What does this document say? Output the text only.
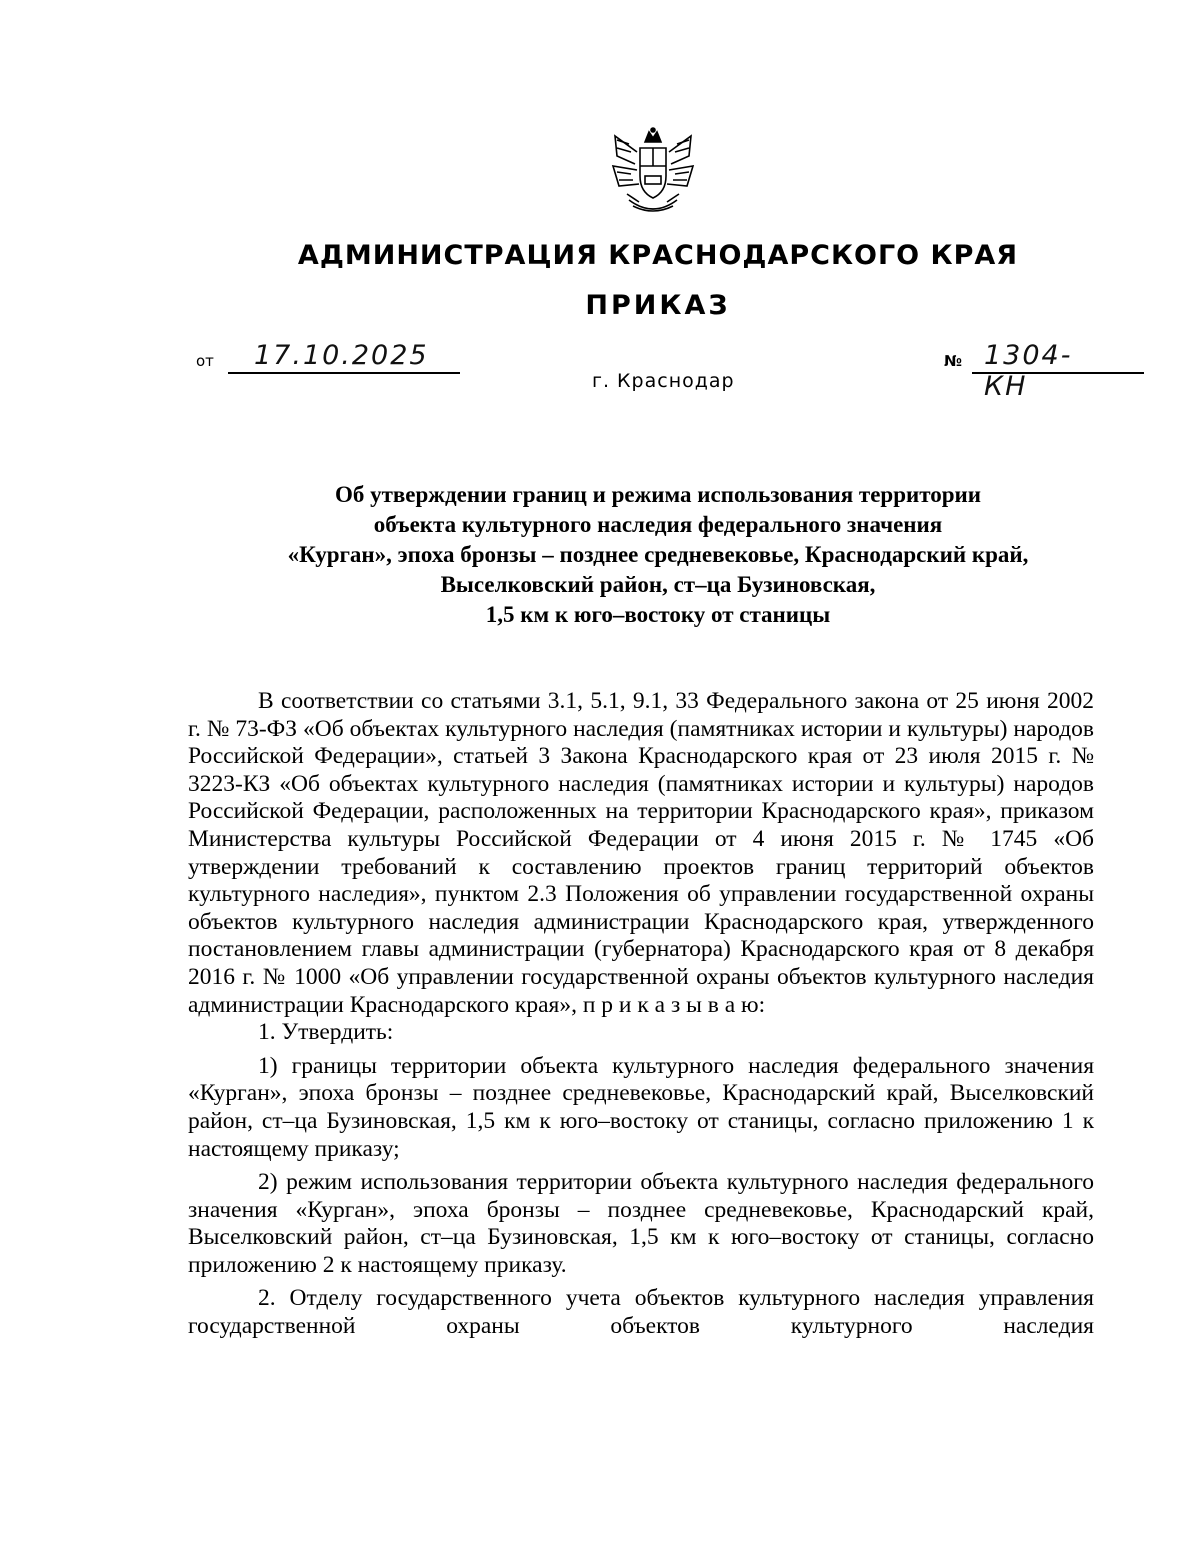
АДМИНИСТРАЦИЯ КРАСНОДАРСКОГО КРАЯ
ПРИКАЗ
от 17.10.2025	№ 1304-КН
г. Краснодар
Об утверждении границ и режима использования территории
объекта культурного наследия федерального значения
«Курган», эпоха бронзы – позднее средневековье, Краснодарский край,
Выселковский район, ст–ца Бузиновская,
1,5 км к юго–востоку от станицы

В соответствии со статьями 3.1, 5.1, 9.1, 33 Федерального закона от 25 июня 2002 г. № 73-ФЗ «Об объектах культурного наследия (памятниках истории и культуры) народов Российской Федерации», статьей 3 Закона Краснодарского края от 23 июля 2015 г. № 3223-КЗ «Об объектах культурного наследия (памятниках истории и культуры) народов Российской Федерации, расположенных на территории Краснодарского края», приказом Министерства культуры Российской Федерации от 4 июня 2015 г. № 1745 «Об утверждении требований к составлению проектов границ территорий объектов культурного наследия», пунктом 2.3 Положения об управлении государственной охраны объектов культурного наследия администрации Краснодарского края, утвержденного постановлением главы администрации (губернатора) Краснодарского края от 8 декабря 2016 г. № 1000 «Об управлении государственной охраны объектов культурного наследия администрации Краснодарского края», п р и к а з ы в а ю:

1. Утвердить:

1) границы территории объекта культурного наследия федерального значения «Курган», эпоха бронзы – позднее средневековье, Краснодарский край, Выселковский район, ст–ца Бузиновская, 1,5 км к юго–востоку от станицы, согласно приложению 1 к настоящему приказу;

2) режим использования территории объекта культурного наследия федерального значения «Курган», эпоха бронзы – позднее средневековье, Краснодарский край, Выселковский район, ст–ца Бузиновская, 1,5 км к юго–востоку от станицы, согласно приложению 2 к настоящему приказу.

2. Отделу государственного учета объектов культурного наследия управления государственной охраны объектов культурного наследия
